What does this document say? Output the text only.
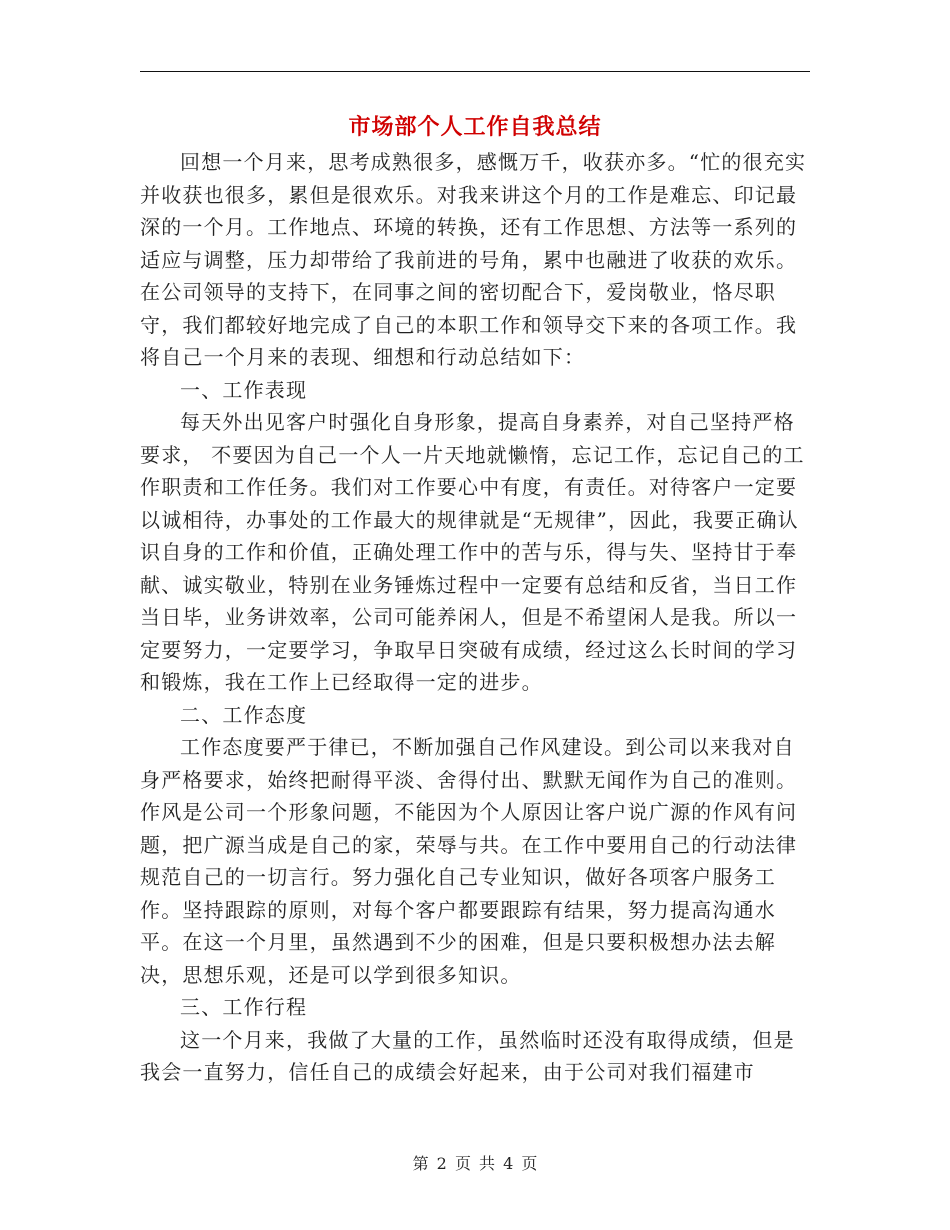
市场部个人工作自我总结

回想一个月来，思考成熟很多，感慨万千，收获亦多。“忙的很充实并收获也很多，累但是很欢乐。对我来讲这个月的工作是难忘、印记最深的一个月。工作地点、环境的转换，还有工作思想、方法等一系列的适应与调整，压力却带给了我前进的号角，累中也融进了收获的欢乐。在公司领导的支持下，在同事之间的密切配合下，爱岗敬业，恪尽职守，我们都较好地完成了自己的本职工作和领导交下来的各项工作。我将自己一个月来的表现、细想和行动总结如下：

一、工作表现

每天外出见客户时强化自身形象，提高自身素养，对自己坚持严格要求， 不要因为自己一个人一片天地就懒惰，忘记工作，忘记自己的工作职责和工作任务。我们对工作要心中有度，有责任。对待客户一定要以诚相待，办事处的工作最大的规律就是“无规律”，因此，我要正确认识自身的工作和价值，正确处理工作中的苦与乐，得与失、坚持甘于奉献、诚实敬业，特别在业务锤炼过程中一定要有总结和反省，当日工作当日毕，业务讲效率，公司可能养闲人，但是不希望闲人是我。所以一定要努力，一定要学习，争取早日突破有成绩，经过这么长时间的学习和锻炼，我在工作上已经取得一定的进步。

二、工作态度

工作态度要严于律已，不断加强自己作风建设。到公司以来我对自身严格要求，始终把耐得平淡、舍得付出、默默无闻作为自己的准则。作风是公司一个形象问题，不能因为个人原因让客户说广源的作风有问题，把广源当成是自己的家，荣辱与共。在工作中要用自己的行动法律规范自己的一切言行。努力强化自己专业知识，做好各项客户服务工作。坚持跟踪的原则，对每个客户都要跟踪有结果，努力提高沟通水平。在这一个月里，虽然遇到不少的困难，但是只要积极想办法去解决，思想乐观，还是可以学到很多知识。

三、工作行程

这一个月来，我做了大量的工作，虽然临时还没有取得成绩，但是我会一直努力，信任自己的成绩会好起来，由于公司对我们福建市

第 2 页 共 4 页
